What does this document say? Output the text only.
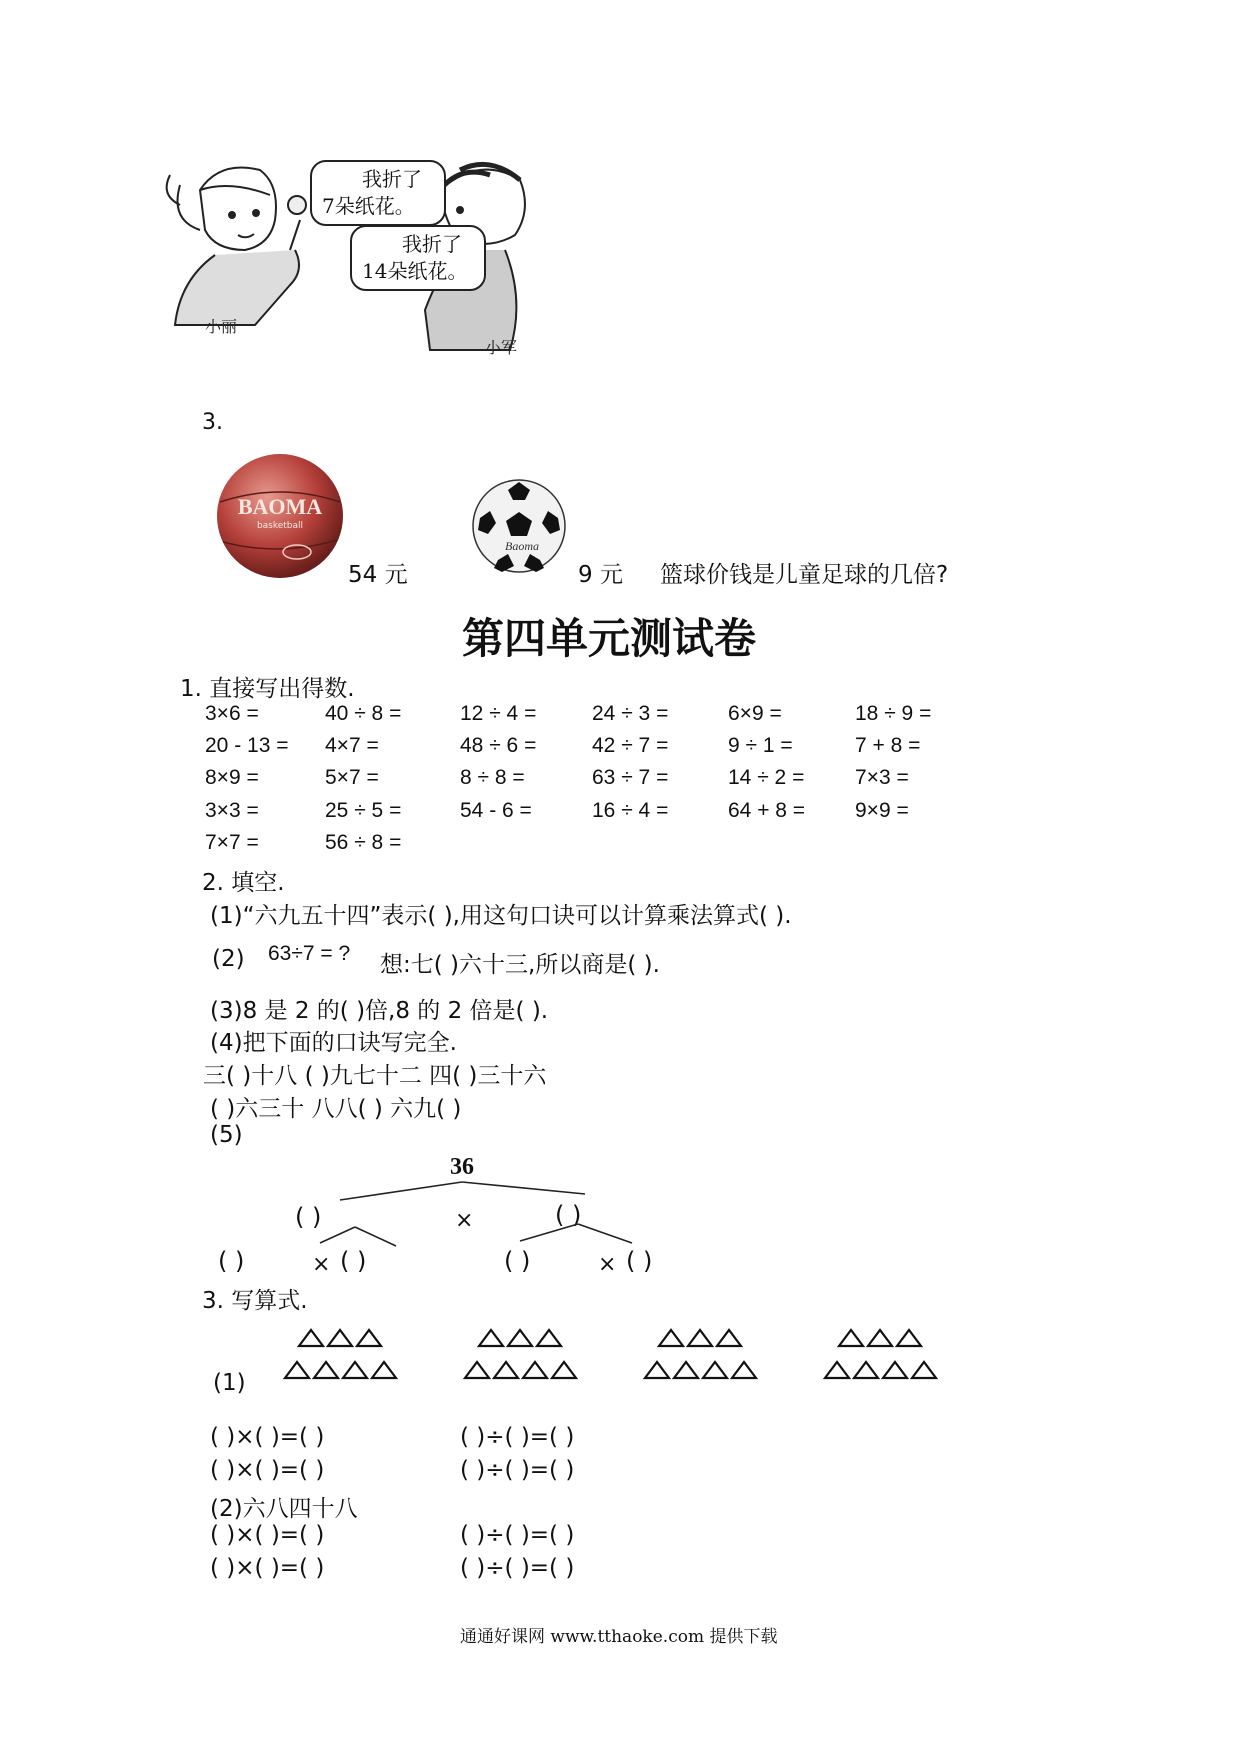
小丽
小军
我折了
7朵纸花。
我折了
14朵纸花。
3.
BAOMA
basketball
Baoma
54 元	9 元 篮球价钱是儿童足球的几倍?
第四单元测试卷
1. 直接写出得数.
3×6 =	40 ÷ 8 =	12 ÷ 4 =	24 ÷ 3 =	6×9 =	18 ÷ 9 =
20 - 13 = 4×7 =	48 ÷ 6 =	42 ÷ 7 =	9 ÷ 1 =	7 + 8 =
8×9 =	5×7 =	8 ÷ 8 =	63 ÷ 7 =	14 ÷ 2 = 7×3 =
3×3 =	25 ÷ 5 =	54 - 6 =	16 ÷ 4 =	64 + 8 = 9×9 =
7×7 =	56 ÷ 8 =
2. 填空.
(1)“六九五十四”表示( ),用这句口诀可以计算乘法算式( ).
(2) 63÷7 = ? 想:七( )六十三,所以商是( ).
(3)8 是 2 的( )倍,8 的 2 倍是( ).
(4)把下面的口诀写完全.
三( )十八 ( )九七十二 四( )三十六
( )六三十 八八( ) 六九( )
(5)
36
( )	×	( )
( )	× ( )	( )	× ( )
3. 写算式.
(1)
( )×( )=( )	( )÷( )=( )
( )×( )=( )	( )÷( )=( )
(2)六八四十八
( )×( )=( )	( )÷( )=( )
( )×( )=( )	( )÷( )=( )
通通好课网 www.tthaoke.com 提供下载
